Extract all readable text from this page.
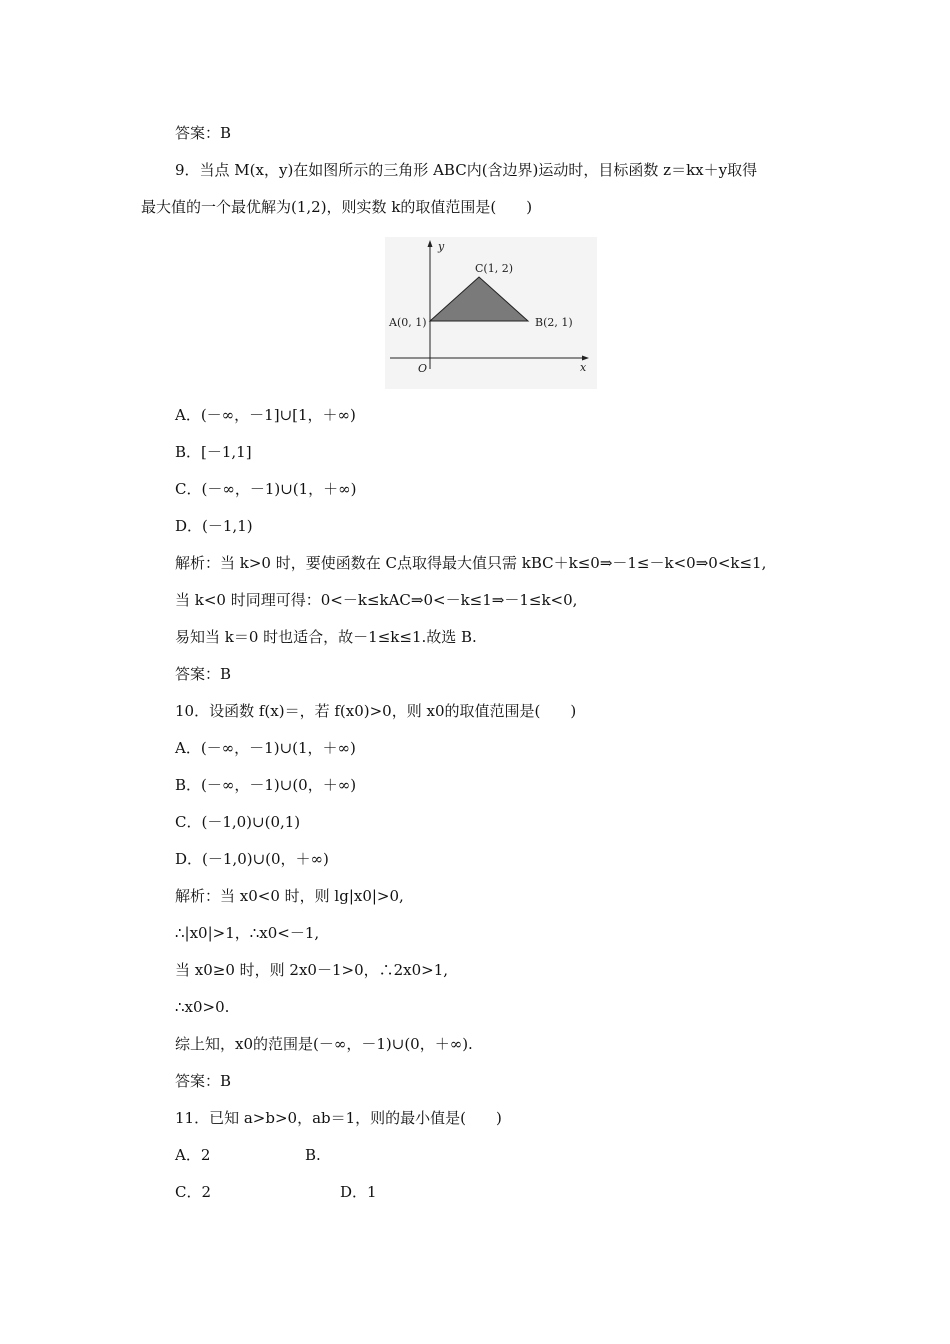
答案：B
9．当点 M(x，y)在如图所示的三角形 ABC内(含边界)运动时，目标函数 z＝kx＋y取得
最大值的一个最优解为(1,2)，则实数 k的取值范围是(　　)
y
x
O
A(0, 1)	B(2, 1)
C(1, 2)
A．(－∞，－1]∪[1，＋∞)
B．[－1,1]
C．(－∞，－1)∪(1，＋∞)
D．(－1,1)
解析：当 k>0 时，要使函数在 C点取得最大值只需 kBC＋k≤0⇒－1≤－k<0⇒0<k≤1,
当 k<0 时同理可得：0<－k≤kAC⇒0<－k≤1⇒－1≤k<0,
易知当 k＝0 时也适合，故－1≤k≤1.故选 B.
答案：B
10．设函数 f(x)＝，若 f(x0)>0，则 x0的取值范围是(　　)
A．(－∞，－1)∪(1，＋∞)
B．(－∞，－1)∪(0，＋∞)
C．(－1,0)∪(0,1)
D．(－1,0)∪(0，＋∞)
解析：当 x0<0 时，则 lg|x0|>0,
∴|x0|>1，∴x0<－1,
当 x0≥0 时，则 2x0－1>0，∴2x0>1,
∴x0>0.
综上知，x0的范围是(－∞，－1)∪(0，＋∞).
答案：B
11．已知 a>b>0，ab＝1，则的最小值是(　　)
A．2	B.
C．2	D．1
